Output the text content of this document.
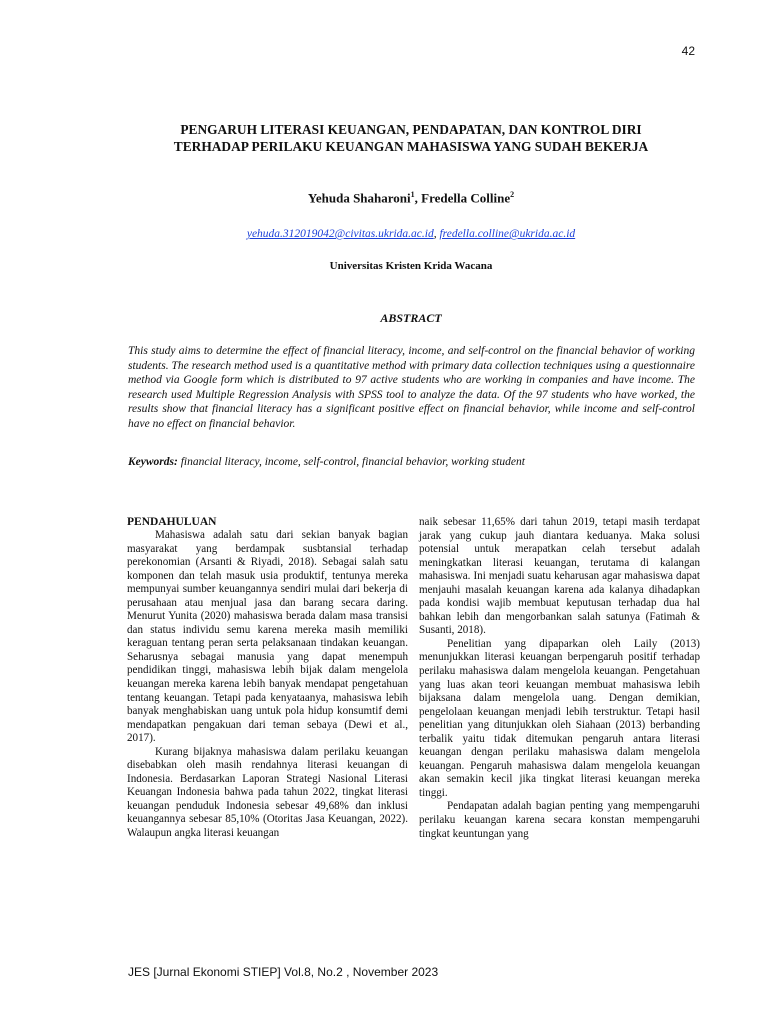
42
PENGARUH LITERASI KEUANGAN, PENDAPATAN, DAN KONTROL DIRI
TERHADAP PERILAKU KEUANGAN MAHASISWA YANG SUDAH BEKERJA
Yehuda Shaharoni$^1$, Fredella Colline$^2$
yehuda.312019042@civitas.ukrida.ac.id, fredella.colline@ukrida.ac.id
Universitas Kristen Krida Wacana
ABSTRACT

This study aims to determine the effect of financial literacy, income, and self-control on the financial behavior of working students. The research method used is a quantitative method with primary data collection techniques using a questionnaire method via Google form which is distributed to 97 active students who are working in companies and have income. The research used Multiple Regression Analysis with SPSS tool to analyze the data. Of the 97 students who have worked, the results show that financial literacy has a significant positive effect on financial behavior, while income and self-control have no effect on financial behavior.

Keywords: financial literacy, income, self-control, financial behavior, working student

PENDAHULUAN

Mahasiswa adalah satu dari sekian banyak bagian masyarakat yang berdampak susbtansial terhadap perekonomian (Arsanti & Riyadi, 2018). Sebagai salah satu komponen dan telah masuk usia produktif, tentunya mereka mempunyai sumber keuangannya sendiri mulai dari bekerja di perusahaan atau menjual jasa dan barang secara daring. Menurut Yunita (2020) mahasiswa berada dalam masa transisi dan status individu semu karena mereka masih memiliki keraguan tentang peran serta pelaksanaan tindakan keuangan. Seharusnya sebagai manusia yang dapat menempuh pendidikan tinggi, mahasiswa lebih bijak dalam mengelola keuangan mereka karena lebih banyak mendapat pengetahuan tentang keuangan. Tetapi pada kenyataanya, mahasiswa lebih banyak menghabiskan uang untuk pola hidup konsumtif demi mendapatkan pengakuan dari teman sebaya (Dewi et al., 2017).

Kurang bijaknya mahasiswa dalam perilaku keuangan disebabkan oleh masih rendahnya literasi keuangan di Indonesia. Berdasarkan Laporan Strategi Nasional Literasi Keuangan Indonesia bahwa pada tahun 2022, tingkat literasi keuangan penduduk Indonesia sebesar 49,68% dan inklusi keuangannya sebesar 85,10% (Otoritas Jasa Keuangan, 2022). Walaupun angka literasi keuangan

naik sebesar 11,65% dari tahun 2019, tetapi masih terdapat jarak yang cukup jauh diantara keduanya. Maka solusi potensial untuk merapatkan celah tersebut adalah meningkatkan literasi keuangan, terutama di kalangan mahasiswa. Ini menjadi suatu keharusan agar mahasiswa dapat menjauhi masalah keuangan karena ada kalanya dihadapkan pada kondisi wajib membuat keputusan terhadap dua hal bahkan lebih dan mengorbankan salah satunya (Fatimah & Susanti, 2018).

Penelitian yang dipaparkan oleh Laily (2013) menunjukkan literasi keuangan berpengaruh positif terhadap perilaku mahasiswa dalam mengelola keuangan. Pengetahuan yang luas akan teori keuangan membuat mahasiswa lebih bijaksana dalam mengelola uang. Dengan demikian, pengelolaan keuangan menjadi lebih terstruktur. Tetapi hasil penelitian yang ditunjukkan oleh Siahaan (2013) berbanding terbalik yaitu tidak ditemukan pengaruh antara literasi keuangan dengan perilaku mahasiswa dalam mengelola keuangan. Pengaruh mahasiswa dalam mengelola keuangan akan semakin kecil jika tingkat literasi keuangan mereka tinggi.

Pendapatan adalah bagian penting yang mempengaruhi perilaku keuangan karena secara konstan mempengaruhi tingkat keuntungan yang

JES [Jurnal Ekonomi STIEP] Vol.8, No.2 , November 2023
